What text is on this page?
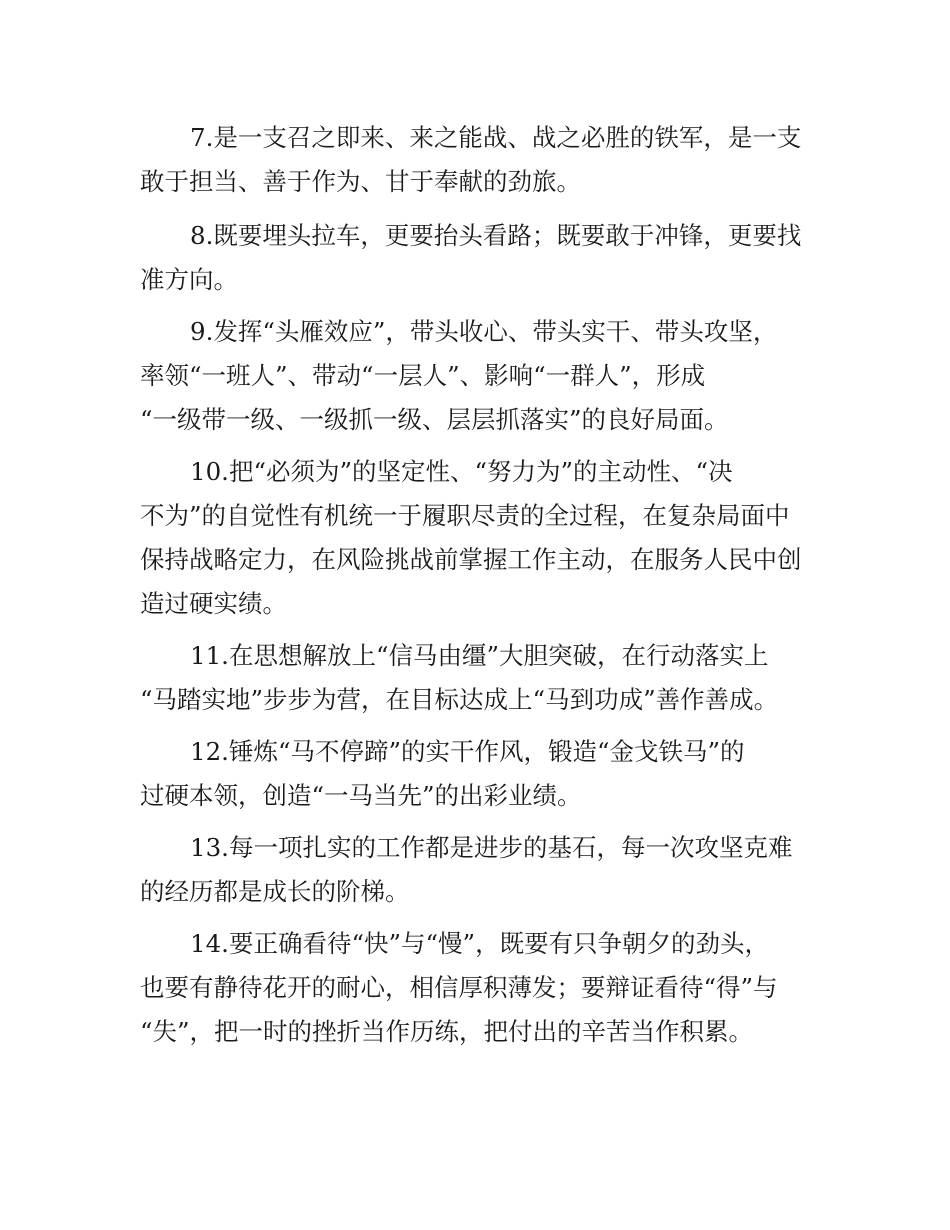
7.是一支召之即来、来之能战、战之必胜的铁军，是一支

敢于担当、善于作为、甘于奉献的劲旅。

8.既要埋头拉车，更要抬头看路；既要敢于冲锋，更要找

准方向。

9.发挥“头雁效应”，带头收心、带头实干、带头攻坚，

率领“一班人”、带动“一层人”、影响“一群人”，形成

“一级带一级、一级抓一级、层层抓落实”的良好局面。

10.把“必须为”的坚定性、“努力为”的主动性、“决

不为”的自觉性有机统一于履职尽责的全过程，在复杂局面中

保持战略定力，在风险挑战前掌握工作主动，在服务人民中创

造过硬实绩。

11.在思想解放上“信马由缰”大胆突破，在行动落实上

“马踏实地”步步为营，在目标达成上“马到功成”善作善成。

12.锤炼“马不停蹄”的实干作风，锻造“金戈铁马”的

过硬本领，创造“一马当先”的出彩业绩。

13.每一项扎实的工作都是进步的基石，每一次攻坚克难

的经历都是成长的阶梯。

14.要正确看待“快”与“慢”，既要有只争朝夕的劲头，

也要有静待花开的耐心，相信厚积薄发；要辩证看待“得”与

“失”，把一时的挫折当作历练，把付出的辛苦当作积累。
